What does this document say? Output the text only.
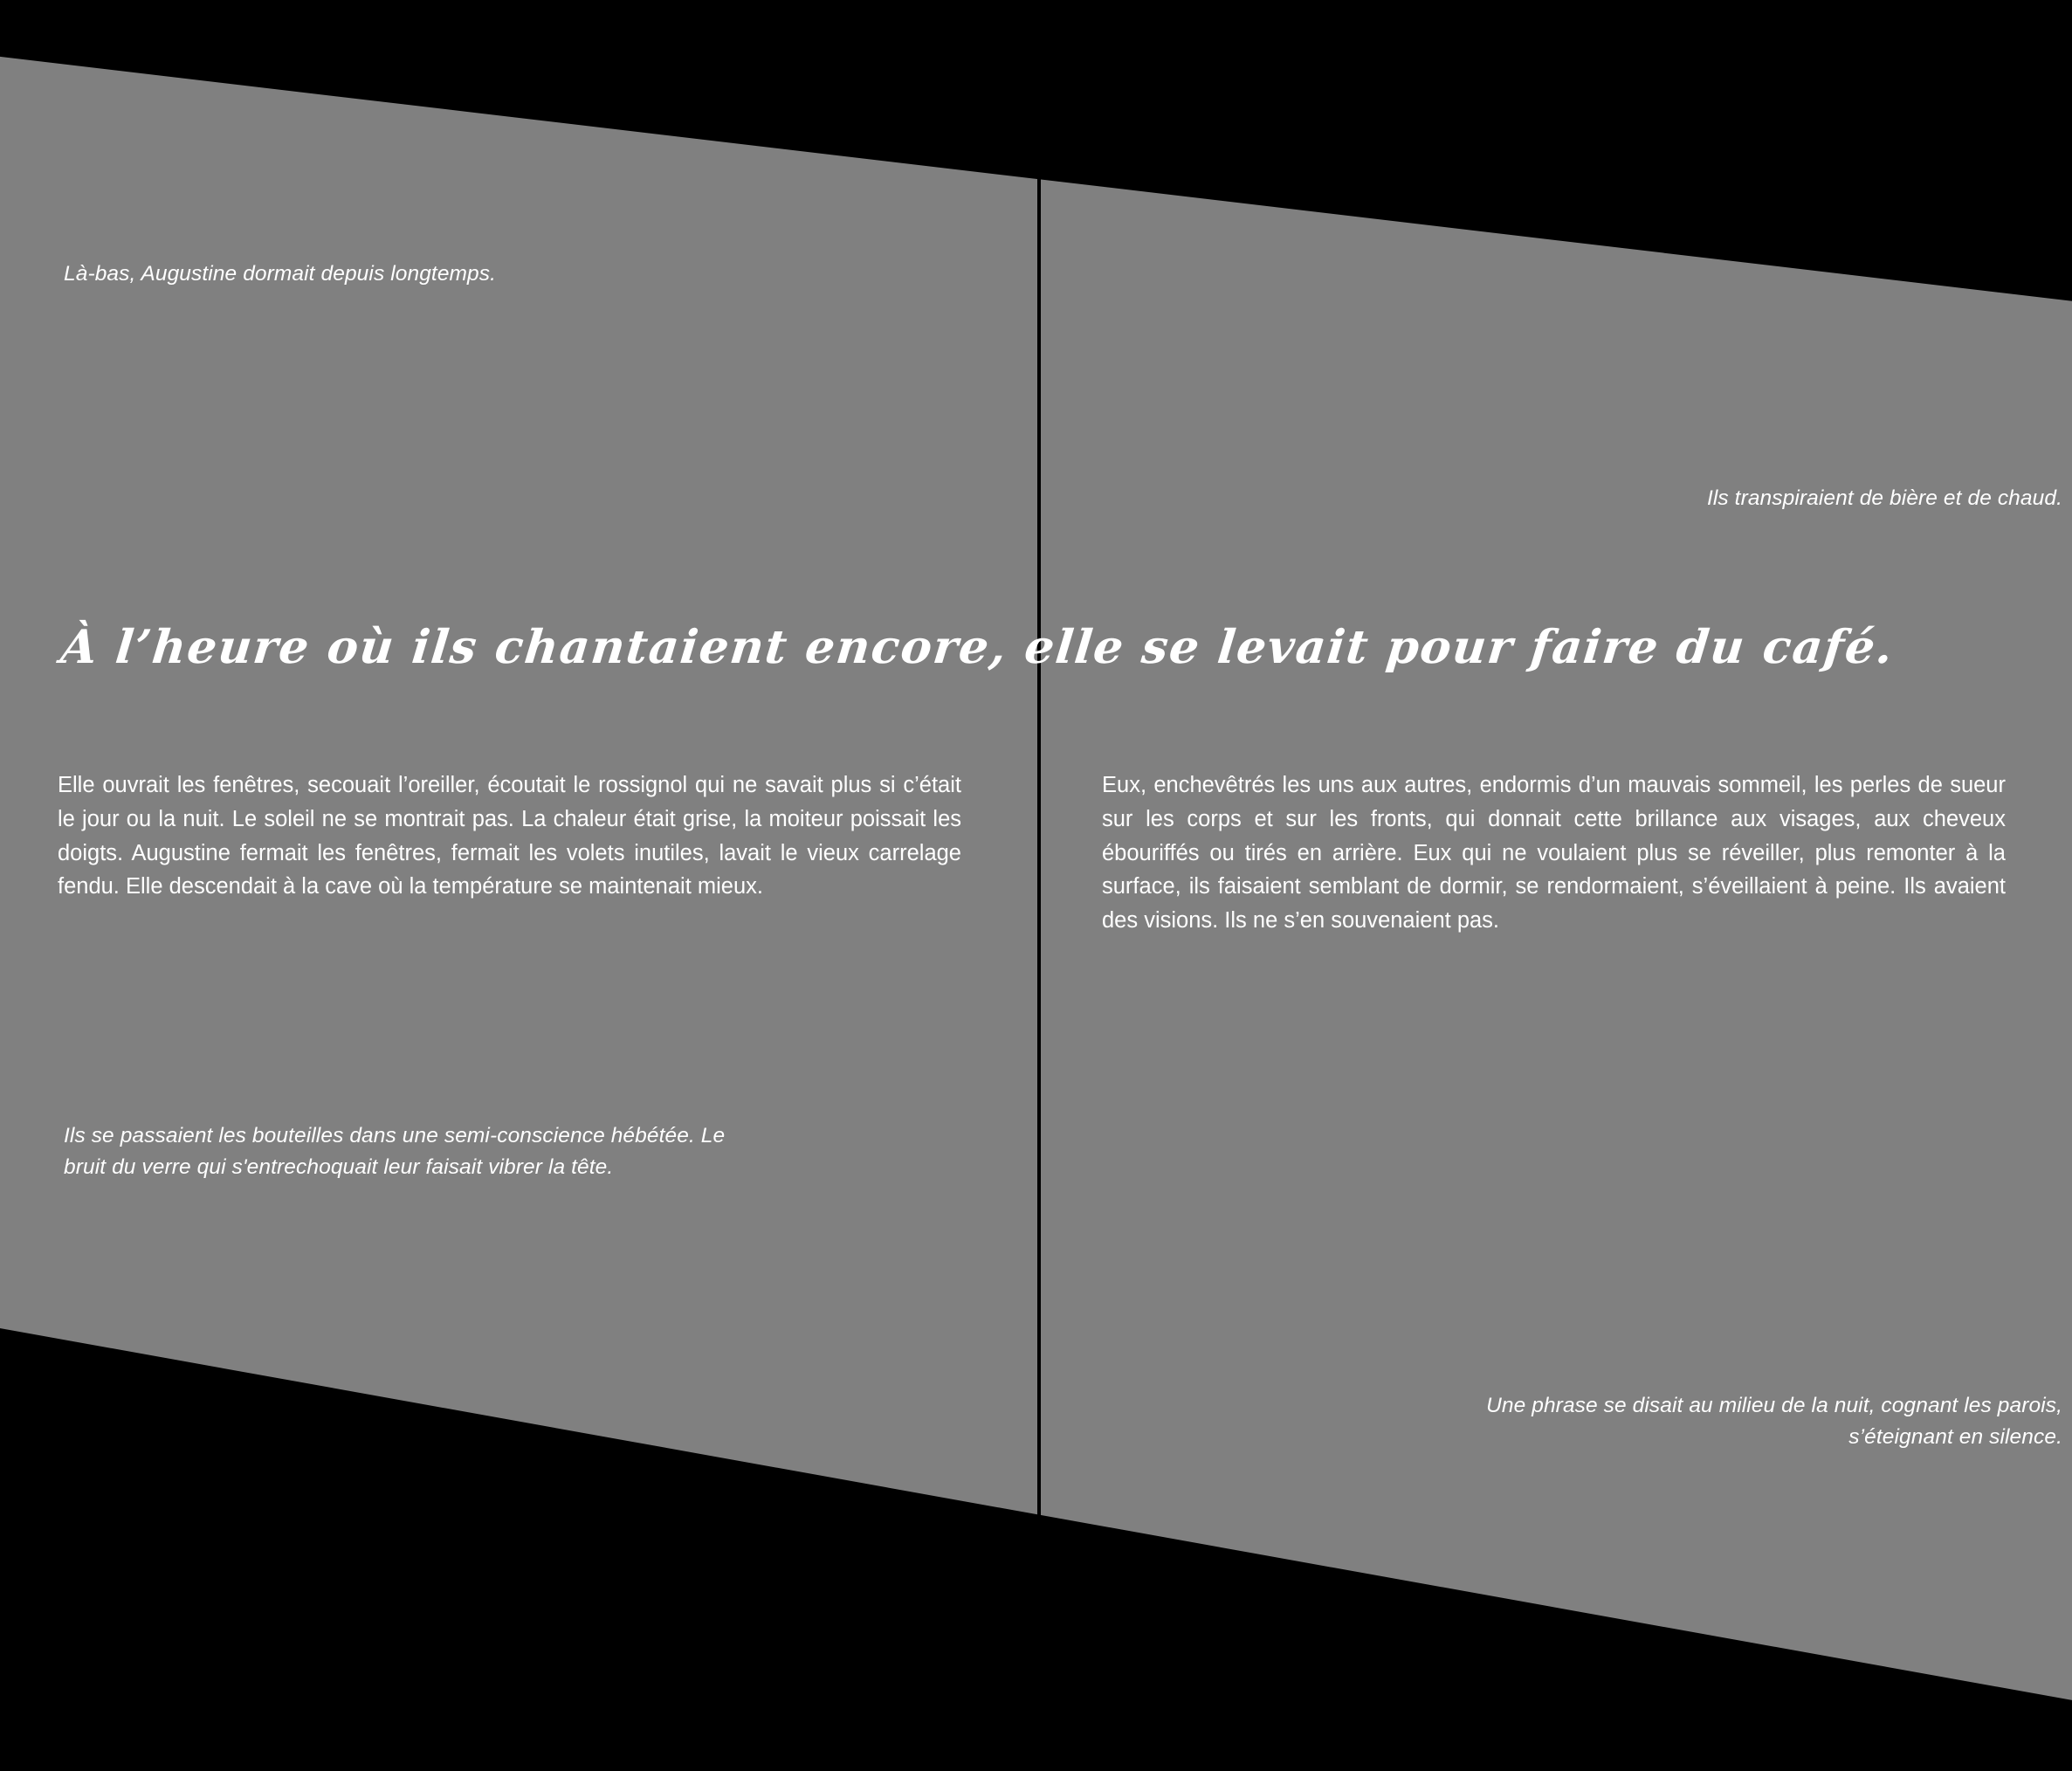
Là-bas, Augustine dormait depuis longtemps.
Ils se passaient les bouteilles dans une semi-conscience hébétée. Le bruit du verre qui s'entrechoquait leur faisait vibrer la tête.
Ils transpiraient de bière et de chaud.
Une phrase se disait au milieu de la nuit, cognant les parois, s’éteignant en silence.
À l’heure où ils chantaient encore, elle se levait pour faire du café.
Elle ouvrait les fenêtres, secouait l’oreiller, écoutait le rossignol qui ne savait plus si c’était le jour ou la nuit. Le soleil ne se montrait pas. La chaleur était grise, la moiteur poissait les doigts. Augustine fermait les fenêtres, fermait les volets inutiles, lavait le vieux carrelage fendu. Elle descendait à la cave où la température se maintenait mieux.
Eux, enchevêtrés les uns aux autres, endormis d’un mauvais sommeil, les perles de sueur sur les corps et sur les fronts, qui donnait cette brillance aux visages, aux cheveux ébouriffés ou tirés en arrière. Eux qui ne voulaient plus se réveiller, plus remonter à la surface, ils faisaient semblant de dormir, se rendormaient, s’éveillaient à peine. Ils avaient des visions. Ils ne s’en souvenaient pas.
